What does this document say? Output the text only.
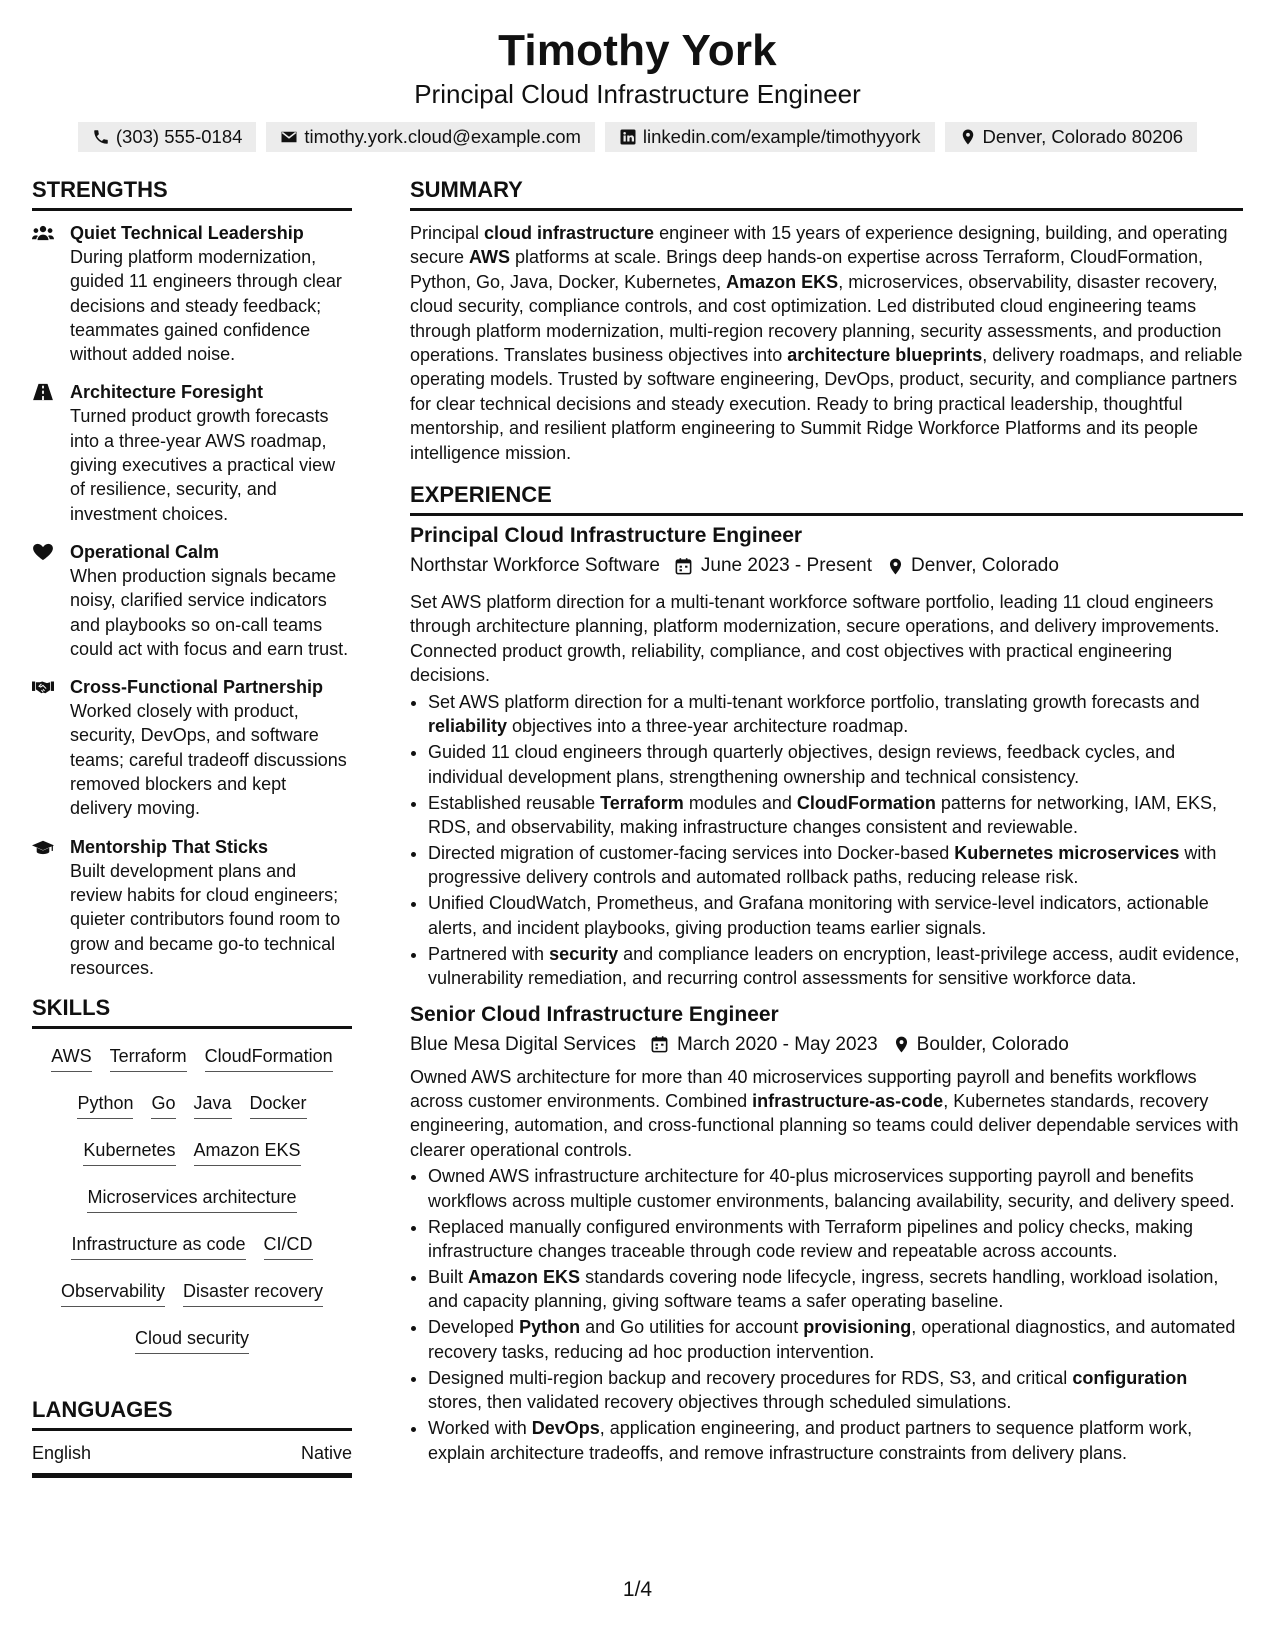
Timothy York
Principal Cloud Infrastructure Engineer
(303) 555-0184	timothy.york.cloud@example.com	linkedin.com/example/timothyyork	Denver, Colorado 80206
STRENGTHS
Quiet Technical Leadership
During platform modernization, guided 11 engineers through clear decisions and steady feedback; teammates gained confidence without added noise.
Architecture Foresight
Turned product growth forecasts into a three-year AWS roadmap, giving executives a practical view of resilience, security, and investment choices.
Operational Calm
When production signals became noisy, clarified service indicators and playbooks so on-call teams could act with focus and earn trust.
Cross-Functional Partnership
Worked closely with product, security, DevOps, and software teams; careful tradeoff discussions removed blockers and kept delivery moving.
Mentorship That Sticks
Built development plans and review habits for cloud engineers; quieter contributors found room to grow and became go-to technical resources.
SKILLS
AWS Terraform CloudFormation
Python Go Java Docker
Kubernetes Amazon EKS
Microservices architecture
Infrastructure as code CI/CD
Observability Disaster recovery
Cloud security
LANGUAGES
English	Native
SUMMARY
Principal cloud infrastructure engineer with 15 years of experience designing, building, and operating secure AWS platforms at scale. Brings deep hands-on expertise across Terraform, CloudFormation, Python, Go, Java, Docker, Kubernetes, Amazon EKS, microservices, observability, disaster recovery, cloud security, compliance controls, and cost optimization. Led distributed cloud engineering teams through platform modernization, multi-region recovery planning, security assessments, and production operations. Translates business objectives into architecture blueprints, delivery roadmaps, and reliable operating models. Trusted by software engineering, DevOps, product, security, and compliance partners for clear technical decisions and steady execution. Ready to bring practical leadership, thoughtful mentorship, and resilient platform engineering to Summit Ridge Workforce Platforms and its people intelligence mission.
EXPERIENCE
Principal Cloud Infrastructure Engineer
Northstar Workforce Software June 2023 - Present Denver, Colorado
Set AWS platform direction for a multi-tenant workforce software portfolio, leading 11 cloud engineers through architecture planning, platform modernization, secure operations, and delivery improvements. Connected product growth, reliability, compliance, and cost objectives with practical engineering decisions.
• Set AWS platform direction for a multi-tenant workforce portfolio, translating growth forecasts and reliability objectives into a three-year architecture roadmap.
• Guided 11 cloud engineers through quarterly objectives, design reviews, feedback cycles, and individual development plans, strengthening ownership and technical consistency.
• Established reusable Terraform modules and CloudFormation patterns for networking, IAM, EKS, RDS, and observability, making infrastructure changes consistent and reviewable.
• Directed migration of customer-facing services into Docker-based Kubernetes microservices with progressive delivery controls and automated rollback paths, reducing release risk.
• Unified CloudWatch, Prometheus, and Grafana monitoring with service-level indicators, actionable alerts, and incident playbooks, giving production teams earlier signals.
• Partnered with security and compliance leaders on encryption, least-privilege access, audit evidence, vulnerability remediation, and recurring control assessments for sensitive workforce data.
Senior Cloud Infrastructure Engineer
Blue Mesa Digital Services March 2020 - May 2023 Boulder, Colorado
Owned AWS architecture for more than 40 microservices supporting payroll and benefits workflows across customer environments. Combined infrastructure-as-code, Kubernetes standards, recovery engineering, automation, and cross-functional planning so teams could deliver dependable services with clearer operational controls.
• Owned AWS infrastructure architecture for 40-plus microservices supporting payroll and benefits workflows across multiple customer environments, balancing availability, security, and delivery speed.
• Replaced manually configured environments with Terraform pipelines and policy checks, making infrastructure changes traceable through code review and repeatable across accounts.
• Built Amazon EKS standards covering node lifecycle, ingress, secrets handling, workload isolation, and capacity planning, giving software teams a safer operating baseline.
• Developed Python and Go utilities for account provisioning, operational diagnostics, and automated recovery tasks, reducing ad hoc production intervention.
• Designed multi-region backup and recovery procedures for RDS, S3, and critical configuration stores, then validated recovery objectives through scheduled simulations.
• Worked with DevOps, application engineering, and product partners to sequence platform work, explain architecture tradeoffs, and remove infrastructure constraints from delivery plans.
1/4
